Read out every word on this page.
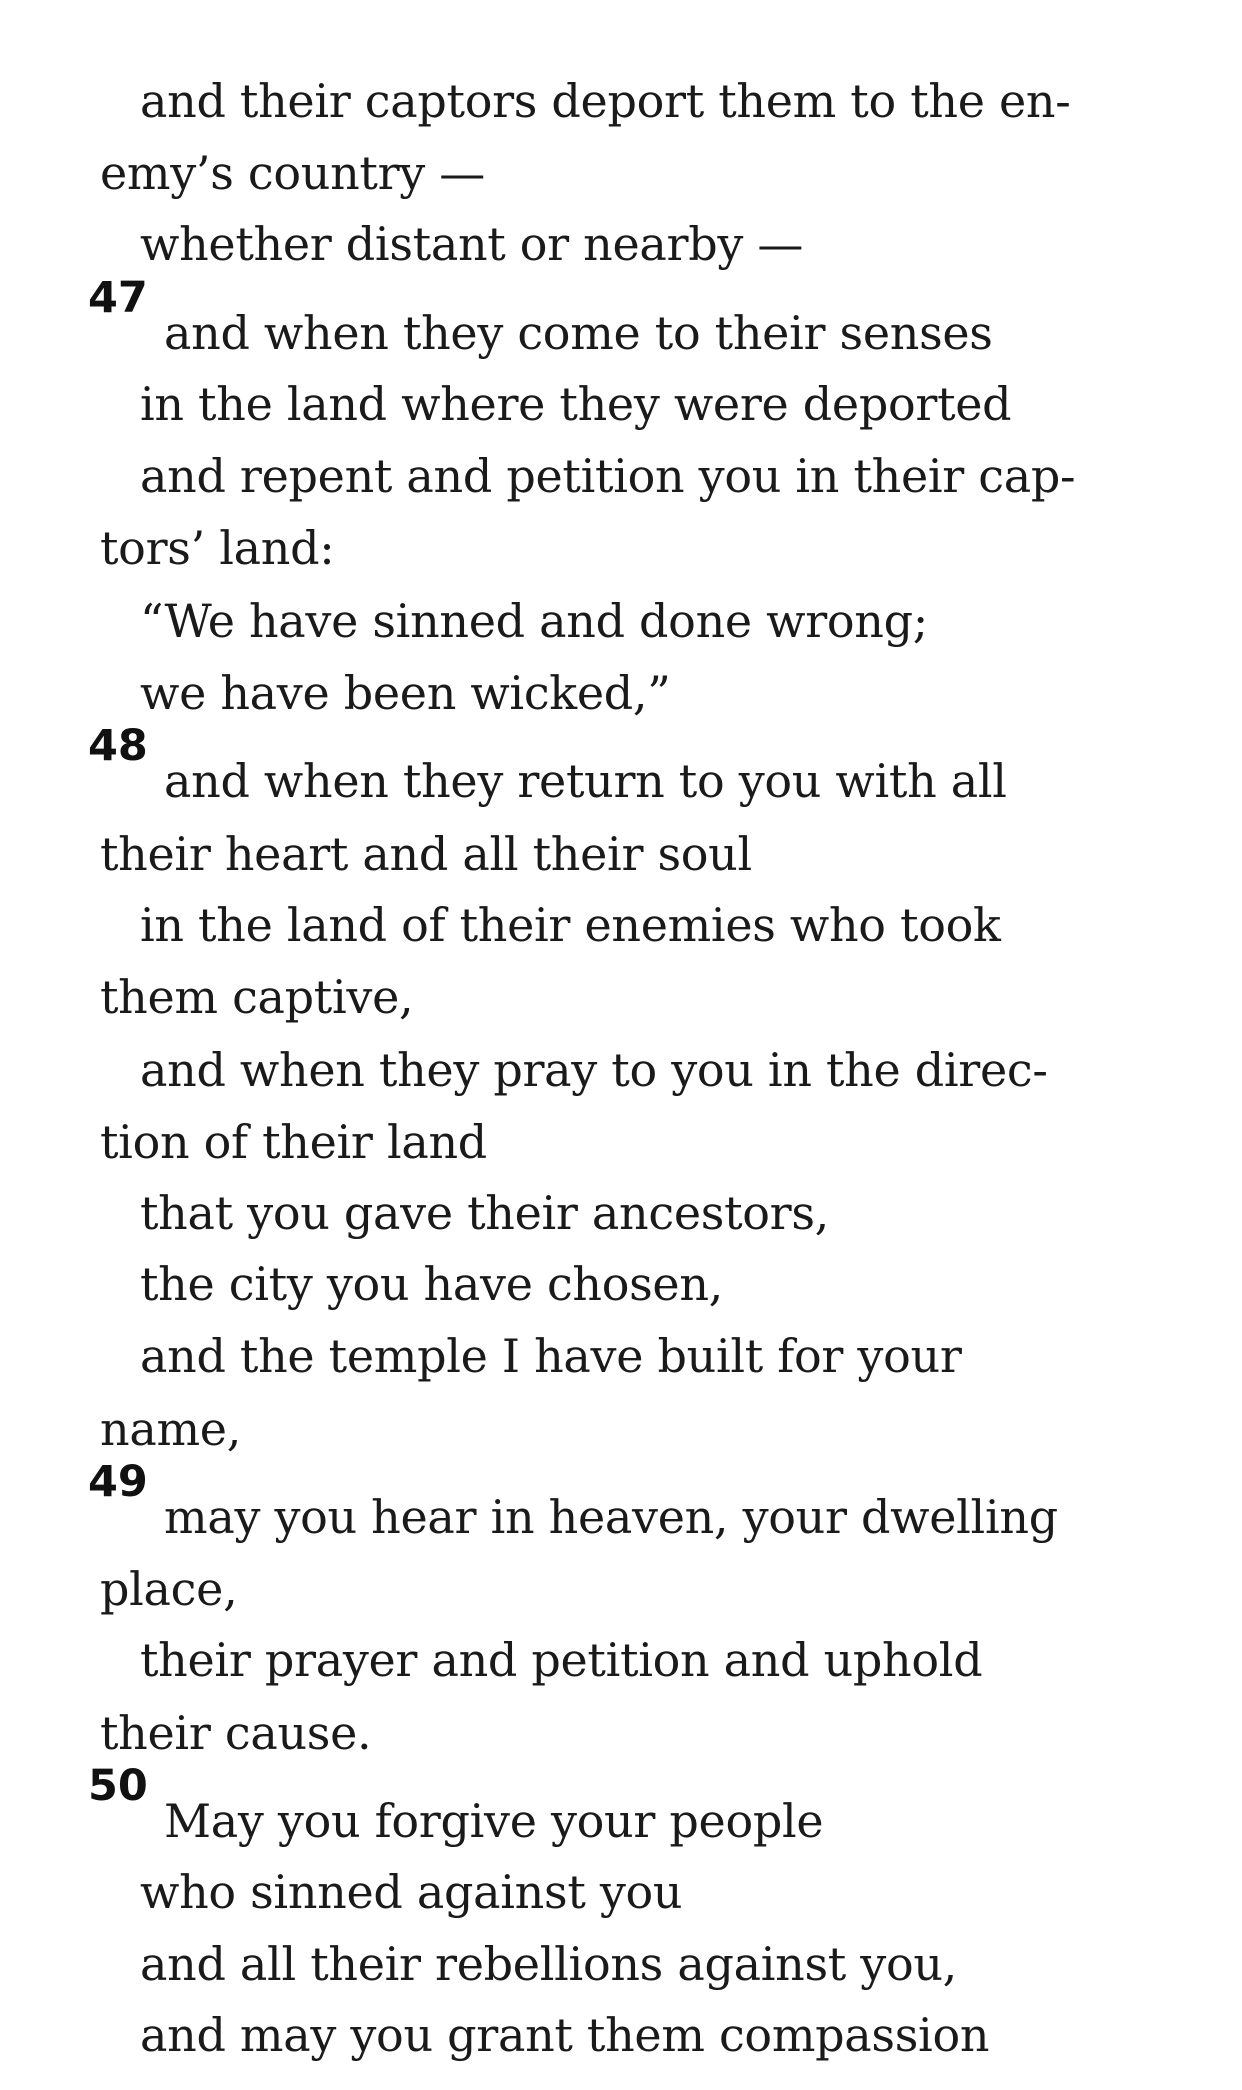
and their captors deport them to the en-
emy’s country —
whether distant or nearby —
and when they come to their senses
47
in the land where they were deported
and repent and petition you in their cap-
tors’ land:
“We have sinned and done wrong;
we have been wicked,”
and when they return to you with all
48
their heart and all their soul
in the land of their enemies who took
them captive,
and when they pray to you in the direc-
tion of their land
that you gave their ancestors,
the city you have chosen,
and the temple I have built for your
name,
may you hear in heaven, your dwelling
49
place,
their prayer and petition and uphold
their cause.
May you forgive your people
50
who sinned against you
and all their rebellions against you,
and may you grant them compassion
